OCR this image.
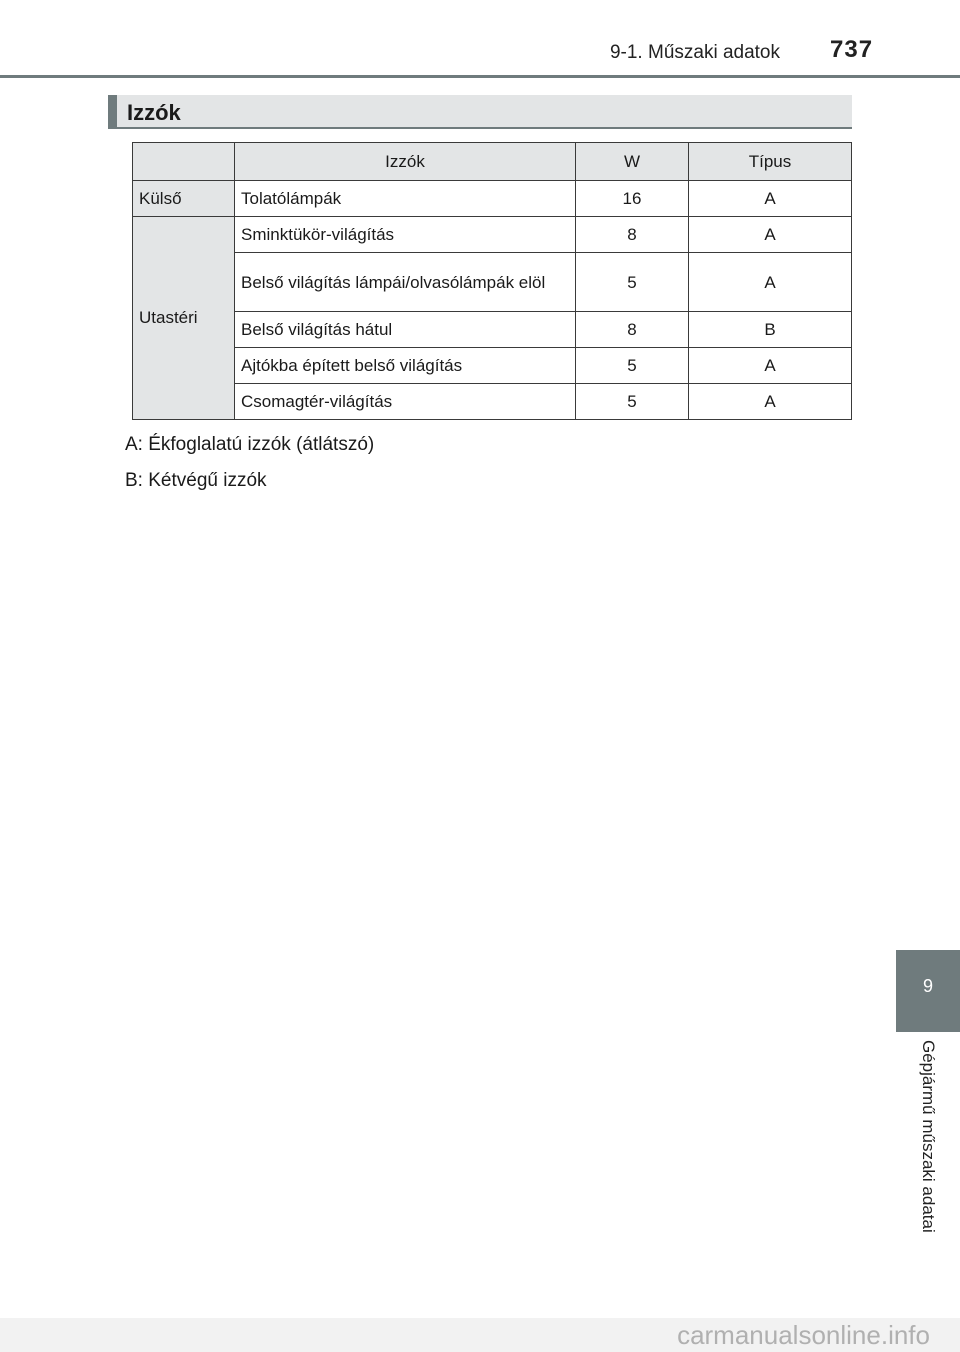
9-1. Műszaki adatok 737
Izzók
	Izzók	W	Típus
Külső	Tolatólámpák	16	A
Utastéri	Sminktükör-világítás	8	A
	Belső világítás lámpái/olvasólámpák elöl	5	A
	Belső világítás hátul	8	B
	Ajtókba épített belső világítás	5	A
	Csomagtér-világítás	5	A
A: Ékfoglalatú izzók (átlátszó)
B: Kétvégű izzók
9
Gépjármű műszaki adatai
carmanualsonline.info
